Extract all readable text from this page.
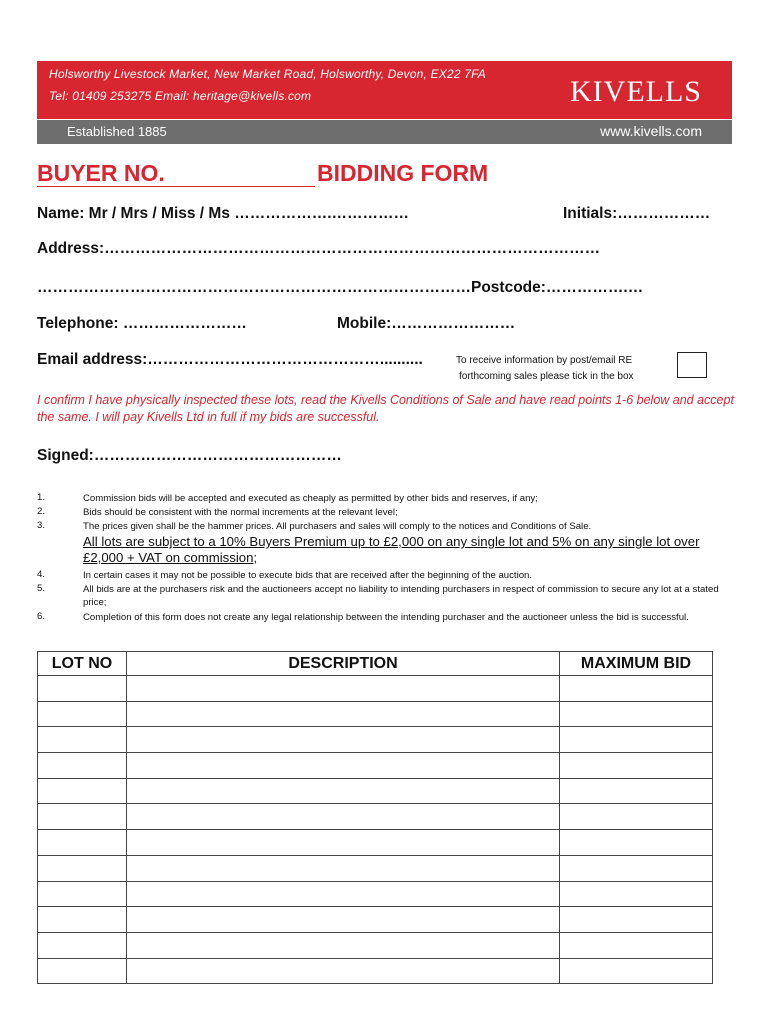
Holsworthy Livestock Market, New Market Road, Holsworthy, Devon, EX22 7FA
Tel: 01409 253275 Email: heritage@kivells.com	KIVELLS
Established 1885	www.kivells.com
BUYER NO.	BIDDING FORM
Name: Mr / Mrs / Miss / Ms ……………….……………	Initials:………………
Address:……………………………………………………………………………………
…………………………………………………………………………Postcode:…………….…
Telephone: ……………………	Mobile:……………………
Email address:………………………………………..........	To receive information by post/email RE
forthcoming sales please tick in the box
I confirm I have physically inspected these lots, read the Kivells Conditions of Sale and have read points 1-6 below and accept the same. I will pay Kivells Ltd in full if my bids are successful.
Signed:…………………………………………
1.	Commission bids will be accepted and executed as cheaply as permitted by other bids and reserves, if any;
2.	Bids should be consistent with the normal increments at the relevant level;
3.	The prices given shall be the hammer prices. All purchasers and sales will comply to the notices and Conditions of Sale.
All lots are subject to a 10% Buyers Premium up to £2,000 on any single lot and 5% on any single lot over £2,000 + VAT on commission;
4.	In certain cases it may not be possible to execute bids that are received after the beginning of the auction.
5.	All bids are at the purchasers risk and the auctioneers accept no liability to intending purchasers in respect of commission to secure any lot at a stated price;
6.	Completion of this form does not create any legal relationship between the intending purchaser and the auctioneer unless the bid is successful.
LOT NO	DESCRIPTION	MAXIMUM BID
